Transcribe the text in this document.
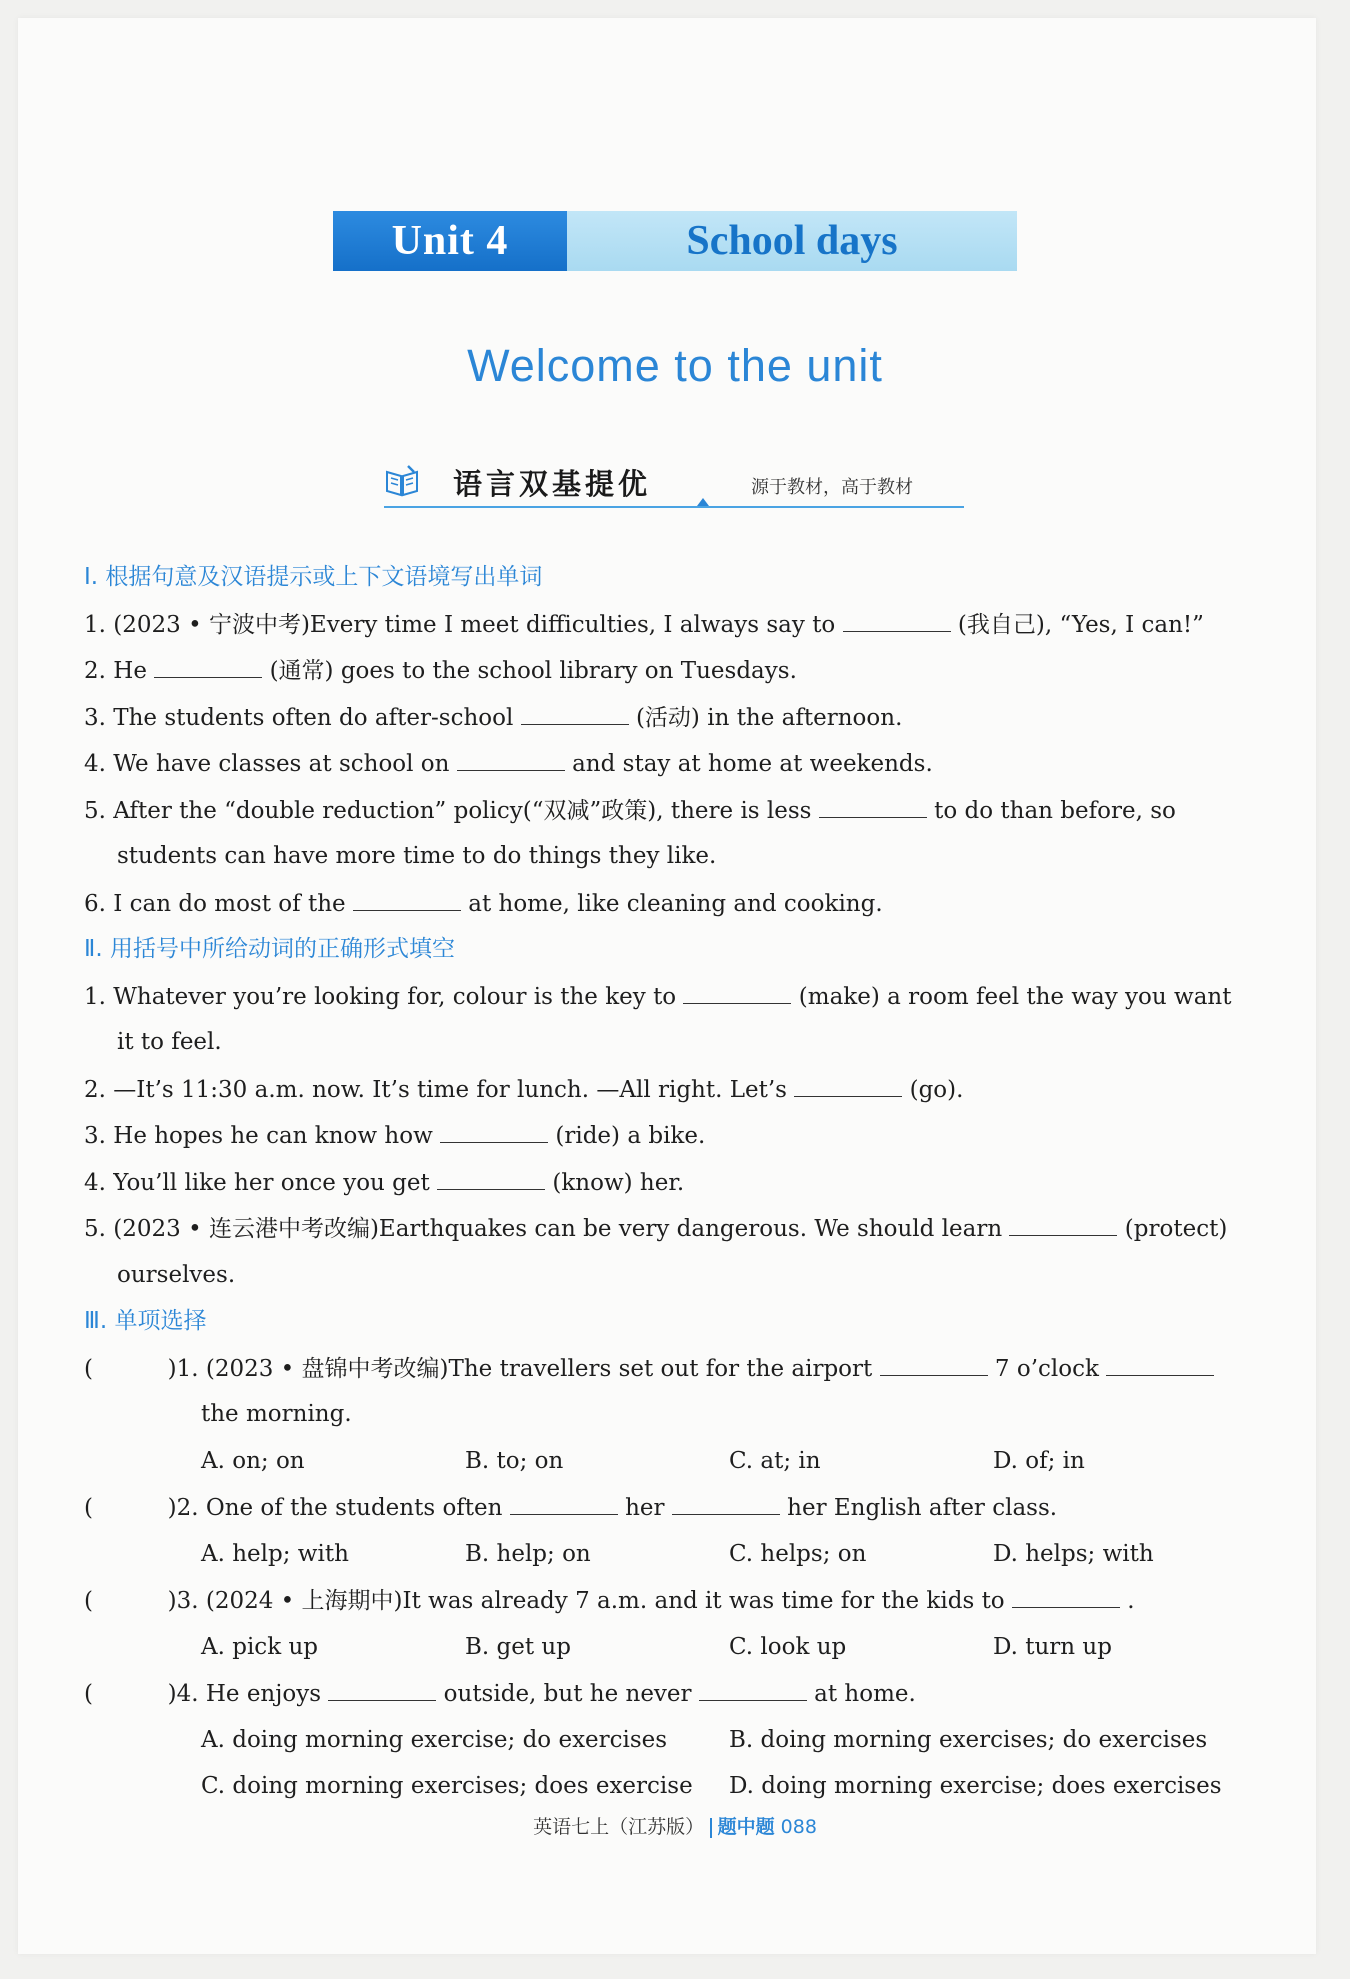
Unit 4	School days
Welcome to the unit
语言双基提优	源于教材，高于教材
Ⅰ. 根据句意及汉语提示或上下文语境写出单词
1. (2023 • 宁波中考)Every time I meet difficulties, I always say to	(我自己), “Yes, I can!”
2. He	(通常) goes to the school library on Tuesdays.
3. The students often do after-school	(活动) in the afternoon.
4. We have classes at school on	and stay at home at weekends.
5. After the “double reduction” policy(“双减”政策), there is less	to do than before, so
students can have more time to do things they like.
6. I can do most of the	at home, like cleaning and cooking.
Ⅱ. 用括号中所给动词的正确形式填空
1. Whatever you’re looking for, colour is the key to	(make) a room feel the way you want
it to feel.
2. —It’s 11:30 a.m. now. It’s time for lunch. —All right. Let’s	(go).
3. He hopes he can know how	(ride) a bike.
4. You’ll like her once you get	(know) her.
5. (2023 • 连云港中考改编)Earthquakes can be very dangerous. We should learn	(protect)
ourselves.
Ⅲ. 单项选择
(	)1. (2023 • 盘锦中考改编)The travellers set out for the airport	7 o’clock
the morning.
A. on; on	B. to; on	C. at; in	D. of; in
(	)2. One of the students often	her	her English after class.
A. help; with	B. help; on	C. helps; on	D. helps; with
(	)3. (2024 • 上海期中)It was already 7 a.m. and it was time for the kids to	.
A. pick up	B. get up	C. look up	D. turn up
(	)4. He enjoys	outside, but he never	at home.
A. doing morning exercise; do exercises	B. doing morning exercises; do exercises
C. doing morning exercises; does exercise D. doing morning exercise; does exercises
英语七上（江苏版） 题中题 088
